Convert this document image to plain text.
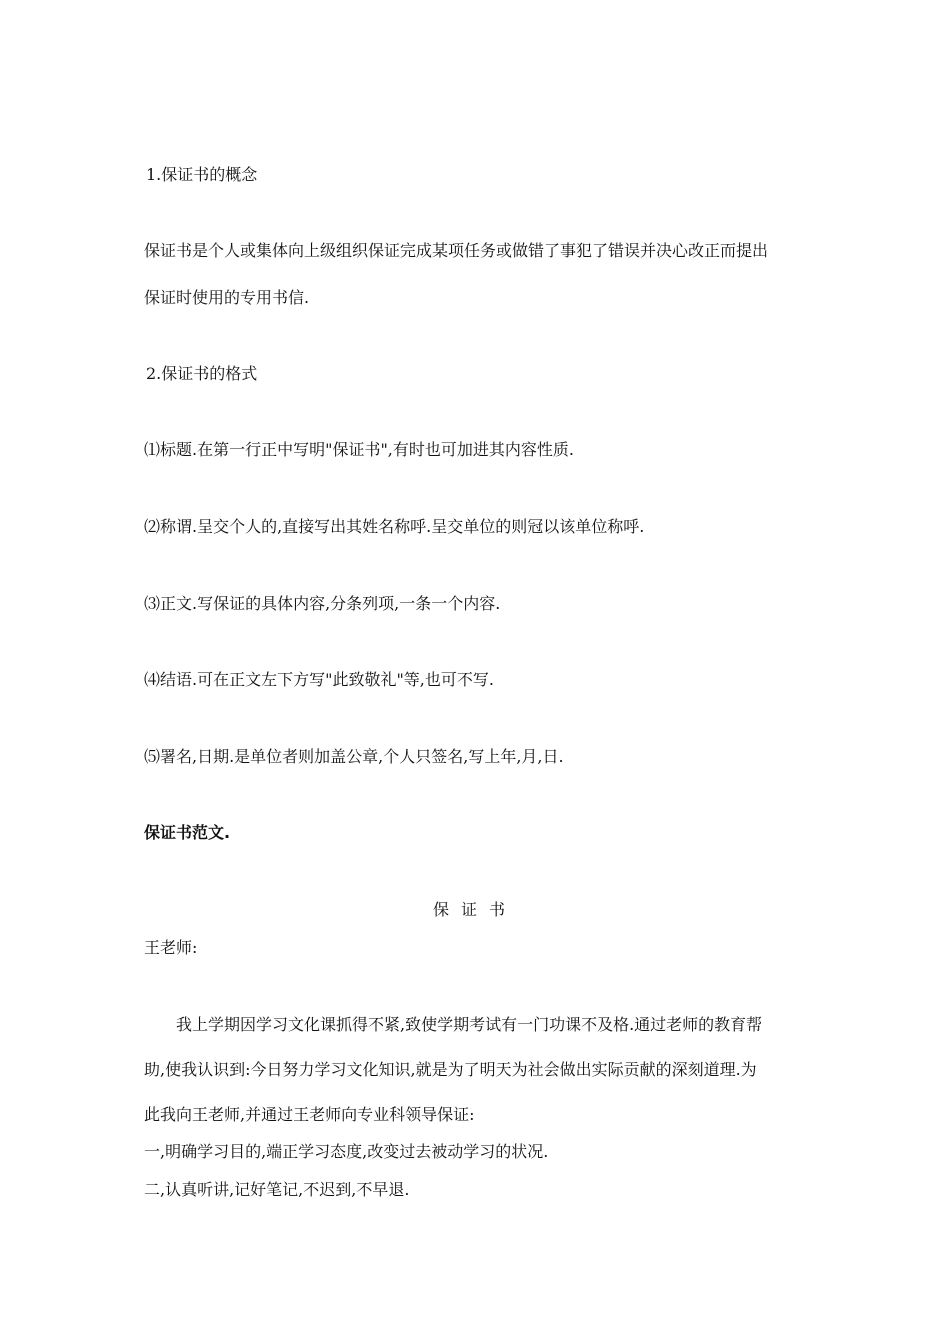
1.保证书的概念
保证书是个人或集体向上级组织保证完成某项任务或做错了事犯了错误并决心改正而提出
保证时使用的专用书信.
2.保证书的格式
⑴标题.在第一行正中写明"保证书",有时也可加进其内容性质.
⑵称谓.呈交个人的,直接写出其姓名称呼.呈交单位的则冠以该单位称呼.
⑶正文.写保证的具体内容,分条列项,一条一个内容.
⑷结语.可在正文左下方写"此致敬礼"等,也可不写.
⑸署名,日期.是单位者则加盖公章,个人只签名,写上年,月,日.
保证书范文.
保证书
王老师:
我上学期因学习文化课抓得不紧,致使学期考试有一门功课不及格.通过老师的教育帮
助,使我认识到:今日努力学习文化知识,就是为了明天为社会做出实际贡献的深刻道理.为
此我向王老师,并通过王老师向专业科领导保证:
一,明确学习目的,端正学习态度,改变过去被动学习的状况.
二,认真听讲,记好笔记,不迟到,不早退.
